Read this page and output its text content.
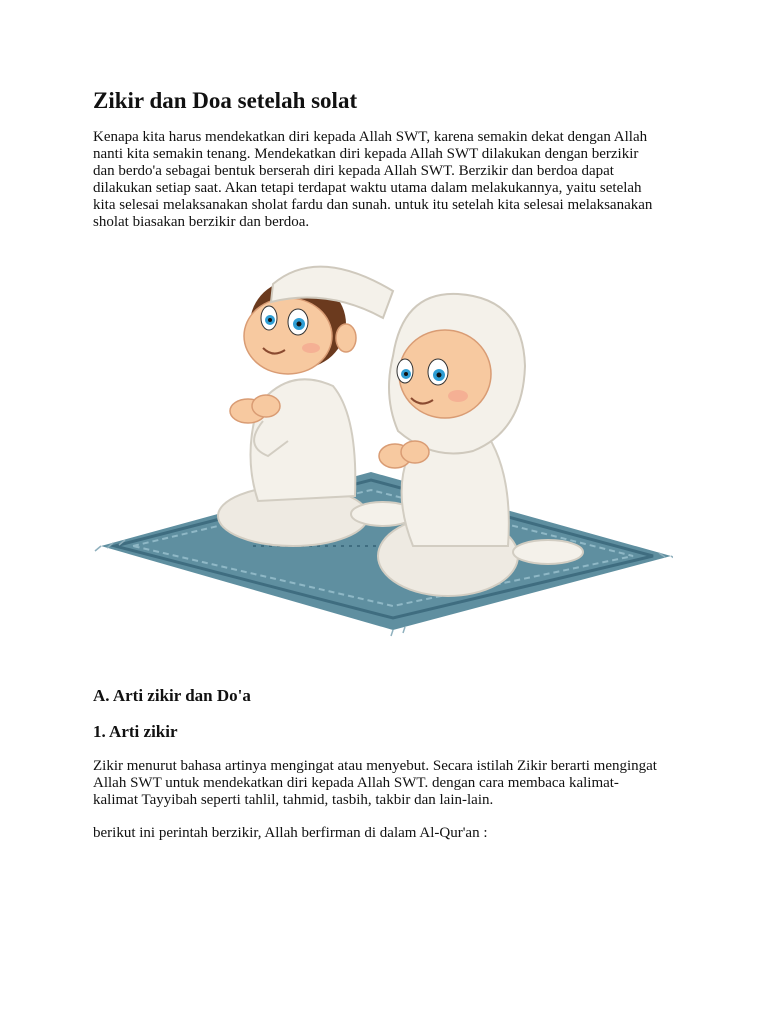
Zikir dan Doa setelah solat

Kenapa kita harus mendekatkan diri kepada Allah SWT, karena semakin dekat dengan Allah
nanti kita semakin tenang. Mendekatkan diri kepada Allah SWT dilakukan dengan berzikir
dan berdo'a sebagai bentuk berserah diri kepada Allah SWT. Berzikir dan berdoa dapat
dilakukan setiap saat. Akan tetapi terdapat waktu utama dalam melakukannya, yaitu setelah
kita selesai melaksanakan sholat fardu dan sunah. untuk itu setelah kita selesai melaksanakan
sholat biasakan berzikir dan berdoa.

A. Arti zikir dan Do'a
1. Arti zikir

Zikir menurut bahasa artinya mengingat atau menyebut. Secara istilah Zikir berarti mengingat
Allah SWT untuk mendekatkan diri kepada Allah SWT. dengan cara membaca kalimat-
kalimat Tayyibah seperti tahlil, tahmid, tasbih, takbir dan lain-lain.

berikut ini perintah berzikir, Allah berfirman di dalam Al-Qur'an :
